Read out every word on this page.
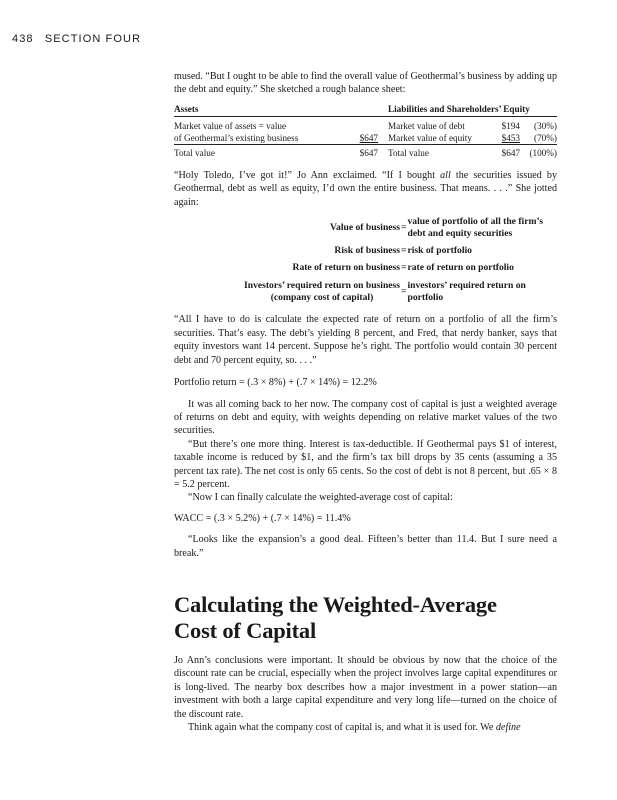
438 SECTION FOUR

mused. “But I ought to be able to find the overall value of Geothermal’s business by adding up the debt and equity.” She sketched a rough balance sheet:

Assets			Liabilities and Shareholders’ Equity		
Market value of assets = value			Market value of debt	$194	(30%)
of Geothermal’s existing business	$647		Market value of equity	$453	(70%)
Total value	$647		Total value	$647	(100%)

“Holy Toledo, I’ve got it!” Jo Ann exclaimed. “If I bought all the securities issued by Geothermal, debt as well as equity, I’d own the entire business. That means. . . .” She jotted again:

Value of business	=	value of portfolio of all the firm’s
debt and equity securities
Risk of business	=	risk of portfolio
Rate of return on business	=	rate of return on portfolio
Investors’ required return on business
(company cost of capital)	=	investors’ required return on
portfolio

“All I have to do is calculate the expected rate of return on a portfolio of all the firm’s securities. That’s easy. The debt’s yielding 8 percent, and Fred, that nerdy banker, says that equity investors want 14 percent. Suppose he’s right. The portfolio would contain 30 percent debt and 70 percent equity, so. . . .”

Portfolio return = (.3 × 8%) + (.7 × 14%) = 12.2%

It was all coming back to her now. The company cost of capital is just a weighted average of returns on debt and equity, with weights depending on relative market values of the two securities.

“But there’s one more thing. Interest is tax-deductible. If Geothermal pays $1 of interest, taxable income is reduced by $1, and the firm’s tax bill drops by 35 cents (assuming a 35 percent tax rate). The net cost is only 65 cents. So the cost of debt is not 8 percent, but .65 × 8 = 5.2 percent.

“Now I can finally calculate the weighted-average cost of capital:

WACC = (.3 × 5.2%) + (.7 × 14%) = 11.4%

“Looks like the expansion’s a good deal. Fifteen’s better than 11.4. But I sure need a break.”

Calculating the Weighted-Average
Cost of Capital

Jo Ann’s conclusions were important. It should be obvious by now that the choice of the discount rate can be crucial, especially when the project involves large capital expenditures or is long-lived. The nearby box describes how a major investment in a power station—an investment with both a large capital expenditure and very long life—turned on the choice of the discount rate.

Think again what the company cost of capital is, and what it is used for. We define
